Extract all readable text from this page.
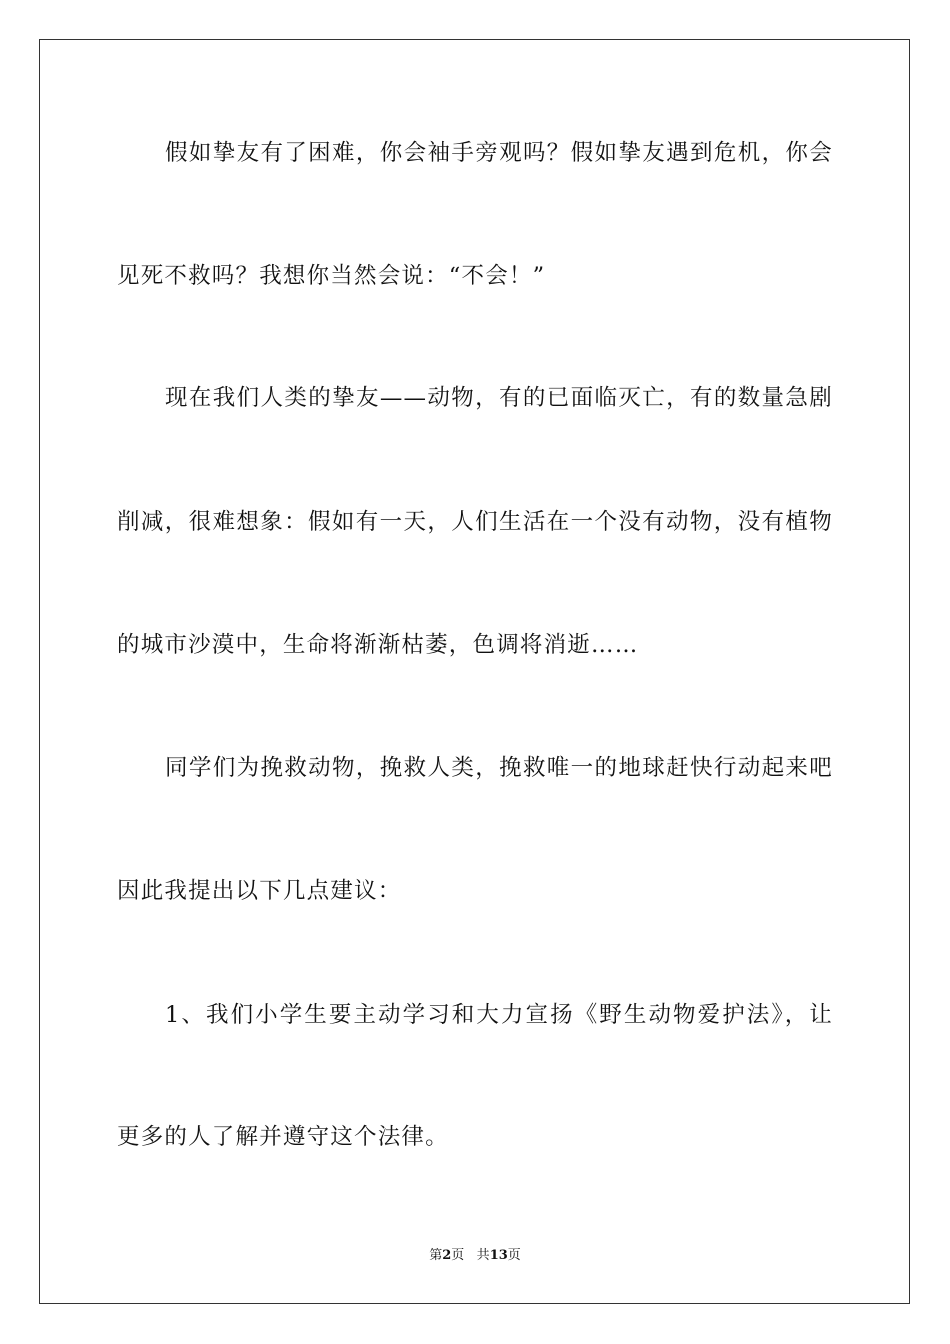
假如挚友有了困难，你会袖手旁观吗？假如挚友遇到危机，你会
见死不救吗？我想你当然会说：“不会！”
现在我们人类的挚友——动物，有的已面临灭亡，有的数量急剧
削减，很难想象：假如有一天，人们生活在一个没有动物，没有植物
的城市沙漠中，生命将渐渐枯萎，色调将消逝……
同学们为挽救动物，挽救人类，挽救唯一的地球赶快行动起来吧
因此我提出以下几点建议：
1、我们小学生要主动学习和大力宣扬《野生动物爱护法》，让
更多的人了解并遵守这个法律。
第2页 共13页
